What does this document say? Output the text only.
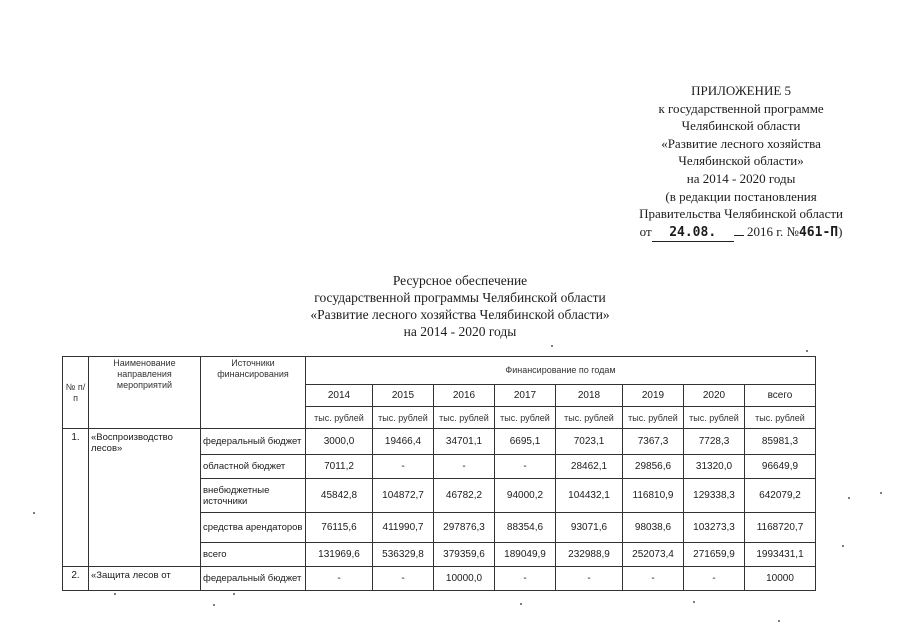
ПРИЛОЖЕНИЕ 5
к государственной программе
Челябинской области
«Развитие лесного хозяйства
Челябинской области»
на 2014 - 2020 годы
(в редакции постановления
Правительства Челябинской области
от 24.08. 2016 г. №461-П)
Ресурсное обеспечение
государственной программы Челябинской области
«Развитие лесного хозяйства Челябинской области»
на 2014 - 2020 годы
№ п/п	Наименование направления мероприятий	Источники финансирования	Финансирование по годам							
			2014	2015	2016	2017	2018	2019	2020	всего
			тыс. рублей	тыс. рублей	тыс. рублей	тыс. рублей	тыс. рублей	тыс. рублей	тыс. рублей	тыс. рублей
1.	«Воспроизводство лесов»	федеральный бюджет	3000,0	19466,4	34701,1	6695,1	7023,1	7367,3	7728,3	85981,3
		областной бюджет	7011,2	-	-	-	28462,1	29856,6	31320,0	96649,9
		внебюджетные источники	45842,8	104872,7	46782,2	94000,2	104432,1	116810,9	129338,3	642079,2
		средства арендаторов	76115,6	411990,7	297876,3	88354,6	93071,6	98038,6	103273,3	1168720,7
		всего	131969,6	536329,8	379359,6	189049,9	232988,9	252073,4	271659,9	1993431,1
2.	«Защита лесов от	федеральный бюджет	-	-	10000,0	-	-	-	-	10000
